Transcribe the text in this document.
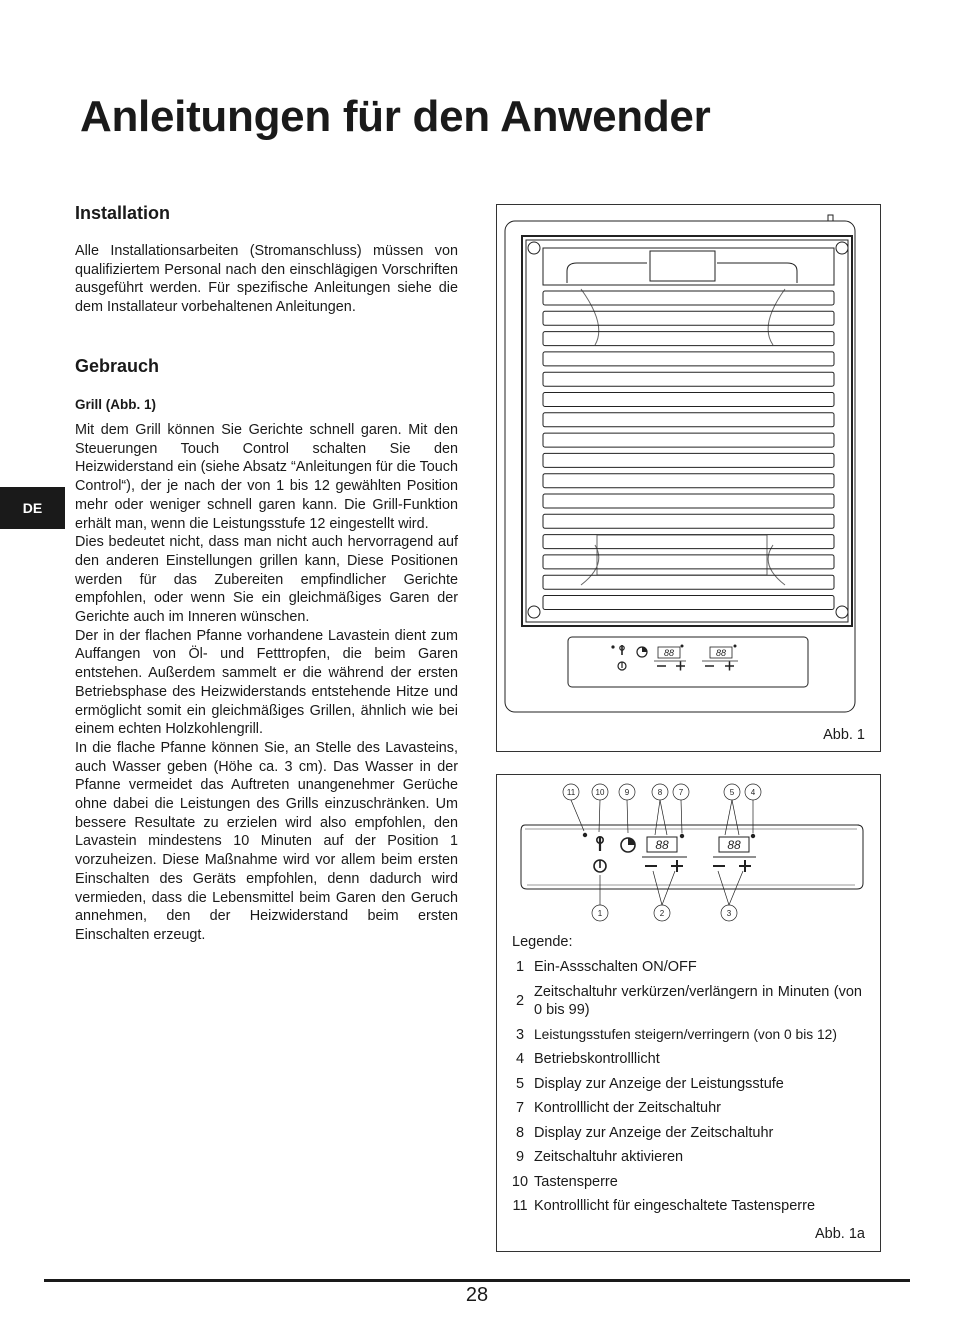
Anleitungen für den Anwender
DE
Installation

Alle Installationsarbeiten (Stromanschluss) müssen von qualifiziertem Personal nach den einschlägigen Vorschriften ausgeführt werden. Für spezifische Anleitungen siehe die dem Installateur vorbehaltenen Anleitungen.

Gebrauch
Grill (Abb. 1)

Mit dem Grill können Sie Gerichte schnell garen. Mit den Steuerungen Touch Control schalten Sie den Heizwiderstand ein (siehe Absatz “Anleitungen für die Touch Control“), der je nach der von 1 bis 12 gewählten Position mehr oder weniger schnell garen kann. Die Grill-Funktion erhält man, wenn die Leistungsstufe 12 eingestellt wird.

Dies bedeutet nicht, dass man nicht auch hervorragend auf den anderen Einstellungen grillen kann, Diese Positionen werden für das Zubereiten empfindlicher Gerichte empfohlen, oder wenn Sie ein gleichmäßiges Garen der Gerichte auch im Inneren wünschen.

Der in der flachen Pfanne vorhandene Lavastein dient zum Auffangen von Öl- und Fetttropfen, die beim Garen entstehen. Außerdem sammelt er die während der ersten Betriebsphase des Heizwiderstands entstehende Hitze und ermöglicht somit ein gleichmäßiges Grillen, ähnlich wie bei einem echten Holzkohlengrill.

In die flache Pfanne können Sie, an Stelle des Lavasteins, auch Wasser geben (Höhe ca. 3 cm). Das Wasser in der Pfanne vermeidet das Auftreten unangenehmer Gerüche ohne dabei die Leistungen des Grills einzuschränken. Um bessere Resultate zu erzielen wird also empfohlen, den Lavastein mindestens 10 Minuten auf der Position 1 vorzuheizen. Diese Maßnahme wird vor allem beim ersten Einschalten des Geräts empfohlen, denn dadurch wird vermieden, dass die Lebensmittel beim Garen den Geruch annehmen, den der Heizwiderstand beim ersten Einschalten erzeugt.

88	88
Abb. 1
11	10	9	8 7	5 4
1	2	3
88	88
Legende:
1	Ein-Assschalten ON/OFF
2	Zeitschaltuhr verkürzen/verlängern in Minuten (von 0 bis 99)
3	Leistungsstufen steigern/verringern (von 0 bis 12)
4	Betriebskontrolllicht
5	Display zur Anzeige der Leistungsstufe
7	Kontrolllicht der Zeitschaltuhr
8	Display zur Anzeige der Zeitschaltuhr
9	Zeitschaltuhr aktivieren
10	Tastensperre
11	Kontrolllicht für eingeschaltete Tastensperre
Abb. 1a
28
